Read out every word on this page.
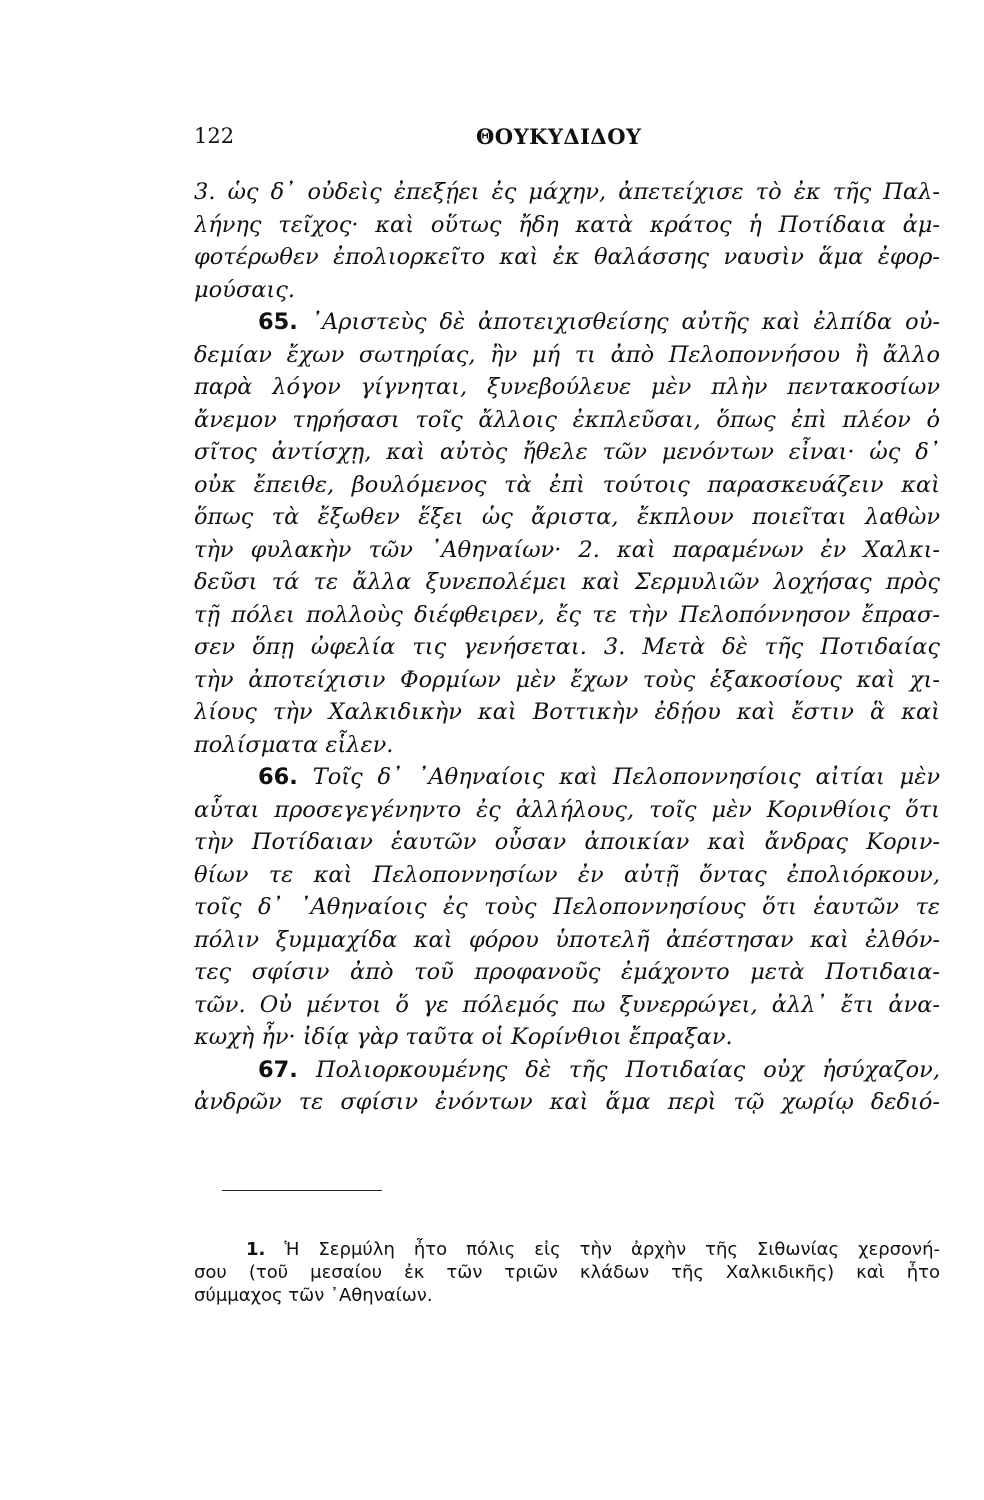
122	ΘΟΥΚΥΔΙΔΟΥ

3. ὡς δ᾽ οὐδεὶς ἐπεξῄει ἐς μάχην, ἀπετείχισε τὸ ἐκ τῆς Παλ-
λήνης τεῖχος· καὶ οὕτως ἤδη κατὰ κράτος ἡ Ποτίδαια ἀμ-
φοτέρωθεν ἐπολιορκεῖτο καὶ ἐκ θαλάσσης ναυσὶν ἅμα ἐφορ-
μούσαις.

65. ᾽Αριστεὺς δὲ ἀποτειχισθείσης αὐτῆς καὶ ἐλπίδα οὐ-
δεμίαν ἔχων σωτηρίας, ἢν μή τι ἀπὸ Πελοποννήσου ἢ ἄλλο
παρὰ λόγον γίγνηται, ξυνεβούλευε μὲν πλὴν πεντακοσίων
ἄνεμον τηρήσασι τοῖς ἄλλοις ἐκπλεῦσαι, ὅπως ἐπὶ πλέον ὁ
σῖτος ἀντίσχῃ, καὶ αὐτὸς ἤθελε τῶν μενόντων εἶναι· ὡς δ᾽
οὐκ ἔπειθε, βουλόμενος τὰ ἐπὶ τούτοις παρασκευάζειν καὶ
ὅπως τὰ ἔξωθεν ἕξει ὡς ἄριστα, ἔκπλουν ποιεῖται λαθὼν
τὴν φυλακὴν τῶν ᾽Αθηναίων· 2. καὶ παραμένων ἐν Χαλκι-
δεῦσι τά τε ἄλλα ξυνεπολέμει καὶ Σερμυλιῶν λοχήσας πρὸς
τῇ πόλει πολλοὺς διέφθειρεν, ἔς τε τὴν Πελοπόννησον ἔπρασ-
σεν ὅπῃ ὠφελία τις γενήσεται. 3. Μετὰ δὲ τῆς Ποτιδαίας
τὴν ἀποτείχισιν Φορμίων μὲν ἔχων τοὺς ἑξακοσίους καὶ χι-
λίους τὴν Χαλκιδικὴν καὶ Βοττικὴν ἐδῄου καὶ ἔστιν ἃ καὶ
πολίσματα εἷλεν.

66. Τοῖς δ᾽ ᾽Αθηναίοις καὶ Πελοποννησίοις αἰτίαι μὲν
αὗται προσεγεγένηντο ἐς ἀλλήλους, τοῖς μὲν Κορινθίοις ὅτι
τὴν Ποτίδαιαν ἑαυτῶν οὖσαν ἀποικίαν καὶ ἄνδρας Κοριν-
θίων τε καὶ Πελοποννησίων ἐν αὐτῇ ὄντας ἐπολιόρκουν,
τοῖς δ᾽ ᾽Αθηναίοις ἐς τοὺς Πελοποννησίους ὅτι ἑαυτῶν τε
πόλιν ξυμμαχίδα καὶ φόρου ὑποτελῆ ἀπέστησαν καὶ ἐλθόν-
τες σφίσιν ἀπὸ τοῦ προφανοῦς ἐμάχοντο μετὰ Ποτιδαια-
τῶν. Οὐ μέντοι ὅ γε πόλεμός πω ξυνερρώγει, ἀλλ᾽ ἔτι ἀνα-
κωχὴ ἦν· ἰδίᾳ γὰρ ταῦτα οἱ Κορίνθιοι ἔπραξαν.

67. Πολιορκουμένης δὲ τῆς Ποτιδαίας οὐχ ἡσύχαζον,
ἀνδρῶν τε σφίσιν ἐνόντων καὶ ἅμα περὶ τῷ χωρίῳ δεδιό-

1. Ἡ Σερμύλη ἦτο πόλις εἰς τὴν ἀρχὴν τῆς Σιθωνίας χερσονή-
σου (τοῦ μεσαίου ἐκ τῶν τριῶν κλάδων τῆς Χαλκιδικῆς) καὶ ἦτο
σύμμαχος τῶν ᾽Αθηναίων.
